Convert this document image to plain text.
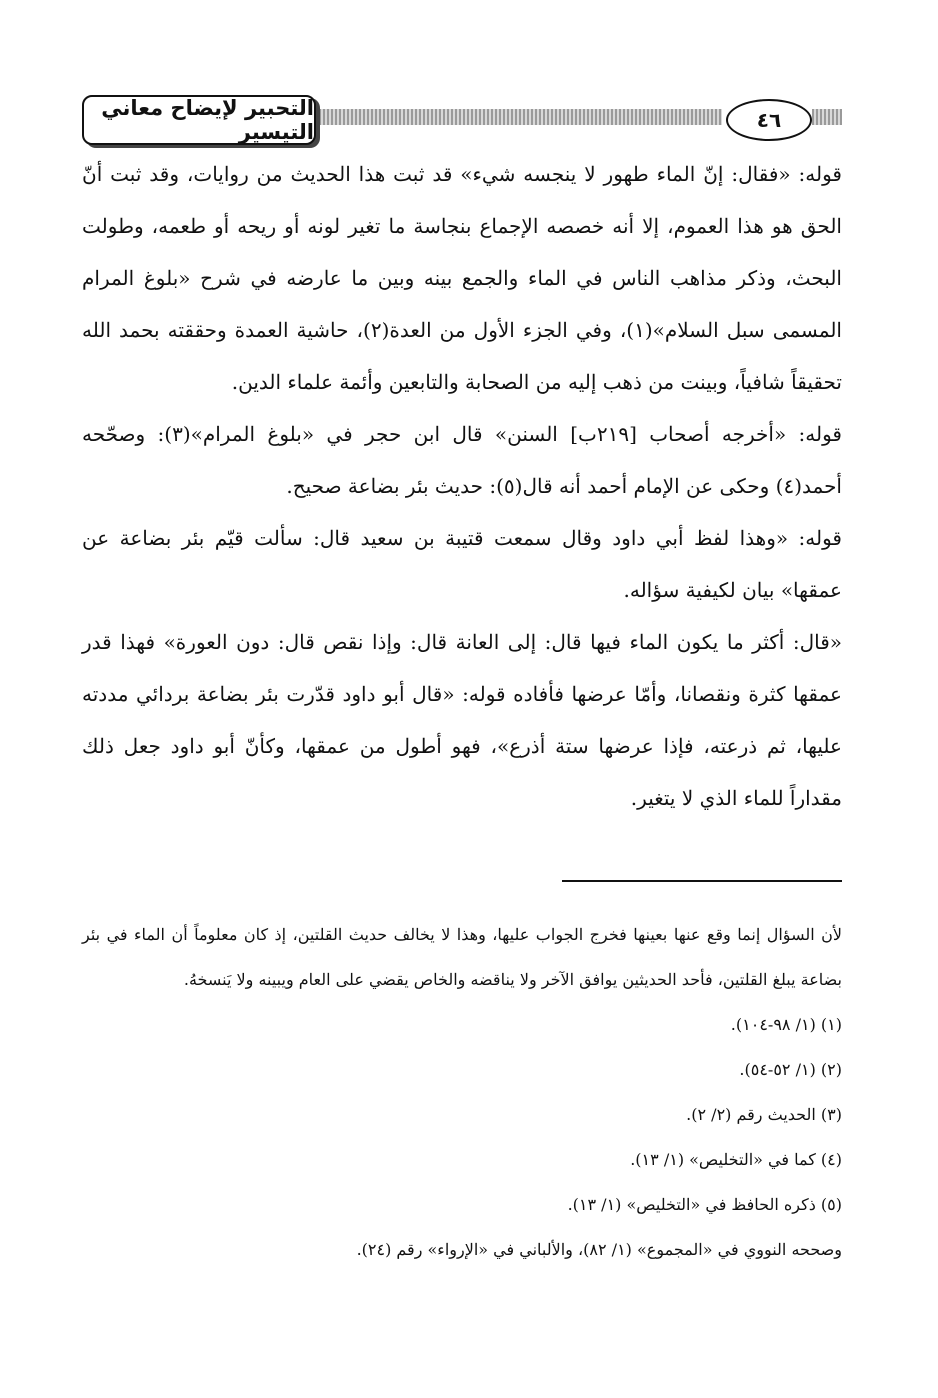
التحبير لإيضاح معاني التيسير	٤٦

قوله: «فقال: إنّ الماء طهور لا ينجسه شيء» قد ثبت هذا الحديث من روايات، وقد ثبت أنّ الحق هو هذا العموم، إلا أنه خصصه الإجماع بنجاسة ما تغير لونه أو ريحه أو طعمه، وطولت البحث، وذكر مذاهب الناس في الماء والجمع بينه وبين ما عارضه في شرح «بلوغ المرام المسمى سبل السلام»(١)، وفي الجزء الأول من العدة(٢)، حاشية العمدة وحققته بحمد الله تحقيقاً شافياً، وبينت من ذهب إليه من الصحابة والتابعين وأئمة علماء الدين.

قوله: «أخرجه أصحاب [٢١٩ب] السنن» قال ابن حجر في «بلوغ المرام»(٣): وصحّحه أحمد(٤) وحكى عن الإمام أحمد أنه قال(٥): حديث بئر بضاعة صحيح.

قوله: «وهذا لفظ أبي داود وقال سمعت قتيبة بن سعيد قال: سألت قيّم بئر بضاعة عن عمقها» بيان لكيفية سؤاله.

«قال: أكثر ما يكون الماء فيها قال: إلى العانة قال: وإذا نقص قال: دون العورة» فهذا قدر عمقها كثرة ونقصانا، وأمّا عرضها فأفاده قوله: «قال أبو داود قدّرت بئر بضاعة بردائي مددته عليها، ثم ذرعته، فإذا عرضها ستة أذرع»، فهو أطول من عمقها، وكأنّ أبو داود جعل ذلك مقداراً للماء الذي لا يتغير.

لأن السؤال إنما وقع عنها بعينها فخرج الجواب عليها، وهذا لا يخالف حديث القلتين، إذ كان معلوماً أن الماء في بئر بضاعة يبلغ القلتين، فأحد الحديثين يوافق الآخر ولا يناقضه والخاص يقضي على العام ويبينه ولا يَنسخهُ.

(١) (١/ ٩٨-١٠٤).

(٢) (١/ ٥٢-٥٤).

(٣) الحديث رقم (٢/ ٢).

(٤) كما في «التخليص» (١/ ١٣).

(٥) ذكره الحافظ في «التخليص» (١/ ١٣).

وصححه النووي في «المجموع» (١/ ٨٢)، والألباني في «الإرواء» رقم (٢٤).
